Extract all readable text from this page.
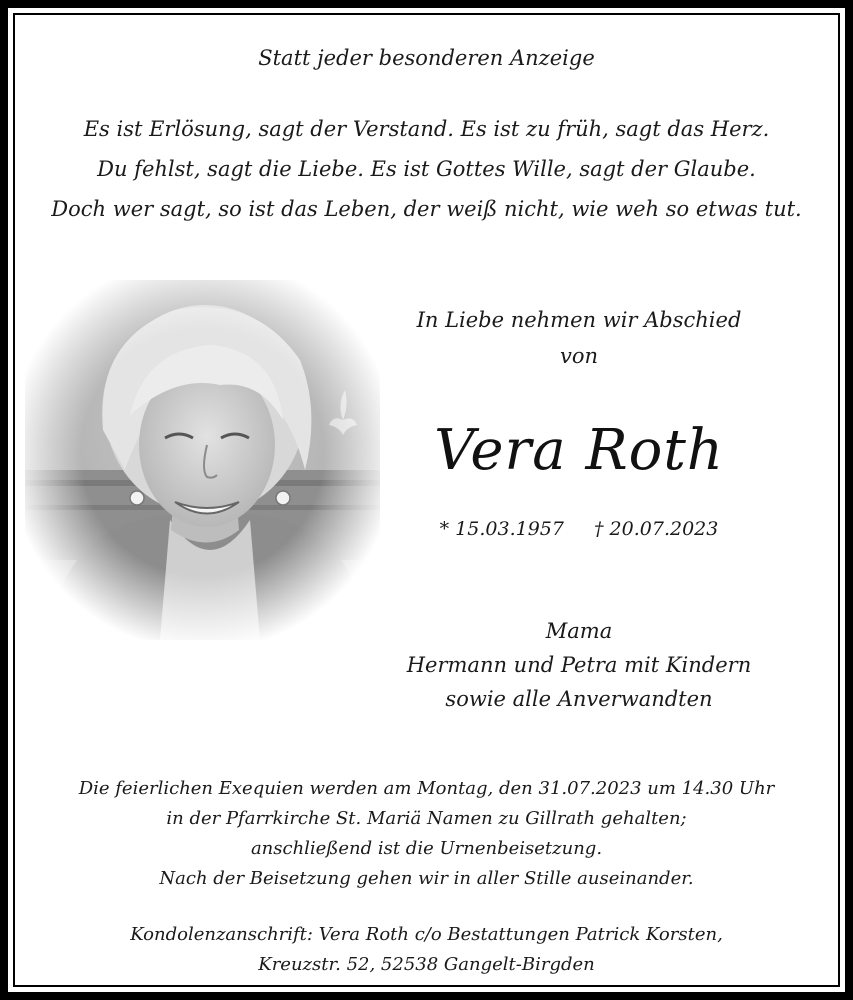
Statt jeder besonderen Anzeige
Es ist Erlösung, sagt der Verstand. Es ist zu früh, sagt das Herz.
Du fehlst, sagt die Liebe. Es ist Gottes Wille, sagt der Glaube.
Doch wer sagt, so ist das Leben, der weiß nicht, wie weh so etwas tut.
In Liebe nehmen wir Abschied
von
Vera Roth
* 15.03.1957 † 20.07.2023
Mama
Hermann und Petra mit Kindern
sowie alle Anverwandten
Die feierlichen Exequien werden am Montag, den 31.07.2023 um 14.30 Uhr
in der Pfarrkirche St. Mariä Namen zu Gillrath gehalten;
anschließend ist die Urnenbeisetzung.
Nach der Beisetzung gehen wir in aller Stille auseinander.
Kondolenzanschrift: Vera Roth c/o Bestattungen Patrick Korsten,
Kreuzstr. 52, 52538 Gangelt-Birgden
